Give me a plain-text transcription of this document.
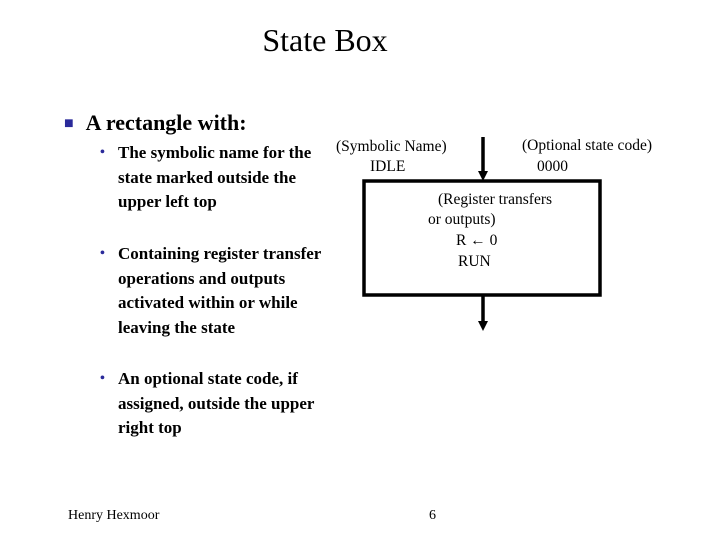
State Box
■ A rectangle with:
• The symbolic name for the state marked outside the upper left top
• Containing register transfer operations and outputs activated within or while leaving the state
• An optional state code, if assigned, outside the upper right top
(Symbolic Name)
IDLE
(Optional state code)
0000
(Register transfers
or outputs)
R ← 0
RUN
Henry Hexmoor	6
